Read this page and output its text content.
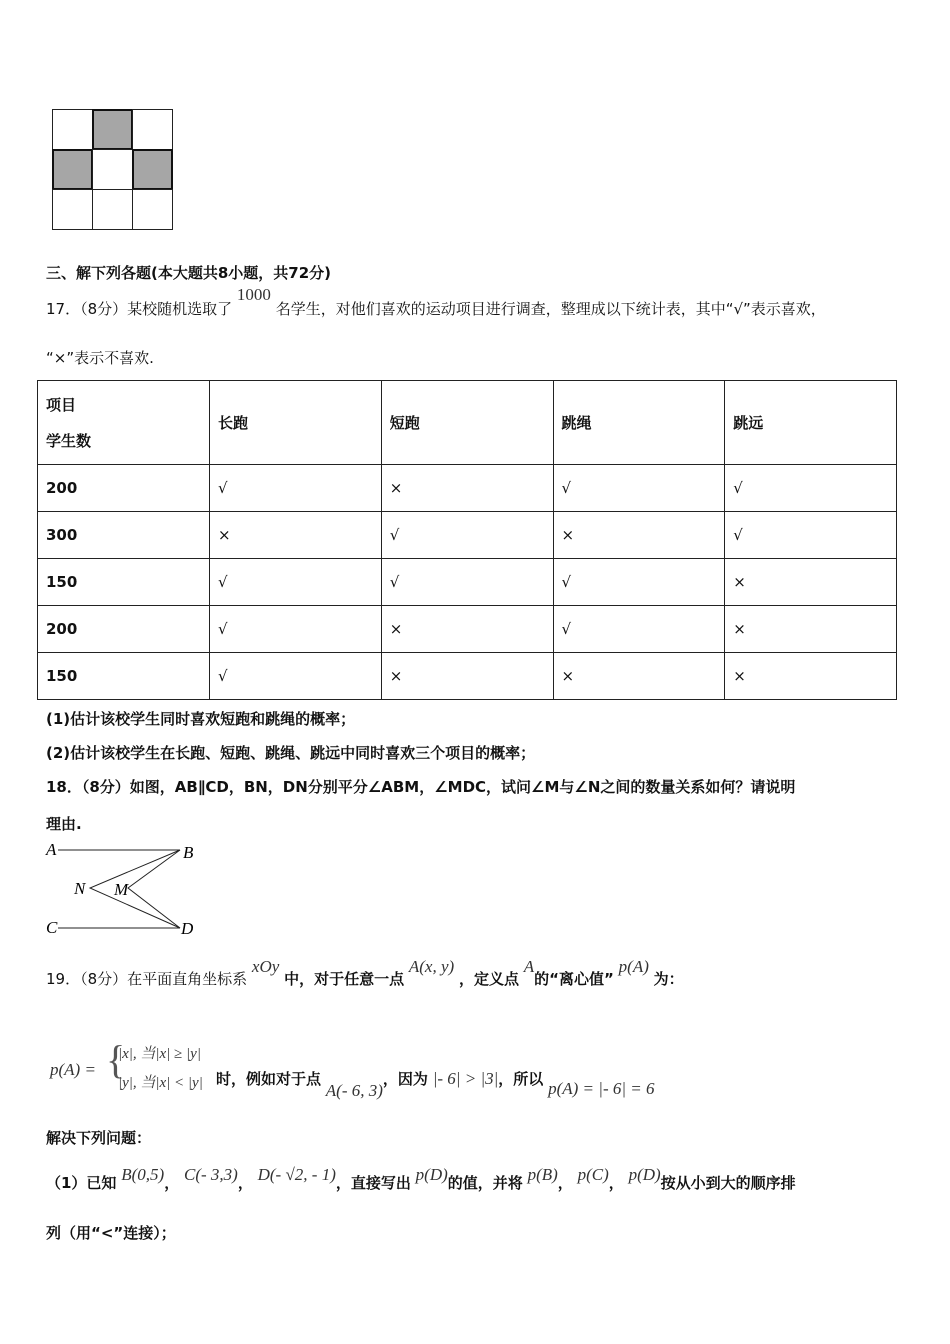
三、解下列各题(本大题共8小题，共72分)
17．（8分）某校随机选取了 1000 名学生，对他们喜欢的运动项目进行调查，整理成以下统计表，其中“√”表示喜欢，
“×”表示不喜欢.
项目
学生数	长跑	短跑	跳绳	跳远
200	√	×	√	√
300	×	√	×	√
150	√	√	√	×
200	√	×	√	×
150	√	×	×	×
(1)估计该校学生同时喜欢短跑和跳绳的概率；
(2)估计该校学生在长跑、短跑、跳绳、跳远中同时喜欢三个项目的概率；
18．（8分）如图，AB∥CD，BN，DN分别平分∠ABM，∠MDC，试问∠M与∠N之间的数量关系如何？请说明
理由.
A	B
C	D
N M
19．（8分）在平面直角坐标系 xOy 中，对于任意一点 A(x, y) ，定义点 A的“离心值” p(A) 为：
p(A) = {
|x|, 当|x| ≥ |y|
|y|, 当|x| < |y| 时，例如对于点 A(- 6, 3)，因为 |- 6| > |3|，所以 p(A) = |- 6| = 6
解决下列问题：
（1）已知 B(0,5)， C(- 3,3)， D(- √2, - 1)，直接写出 p(D)的值，并将 p(B)， p(C)， p(D)按从小到大的顺序排
列（用“<”连接）；
